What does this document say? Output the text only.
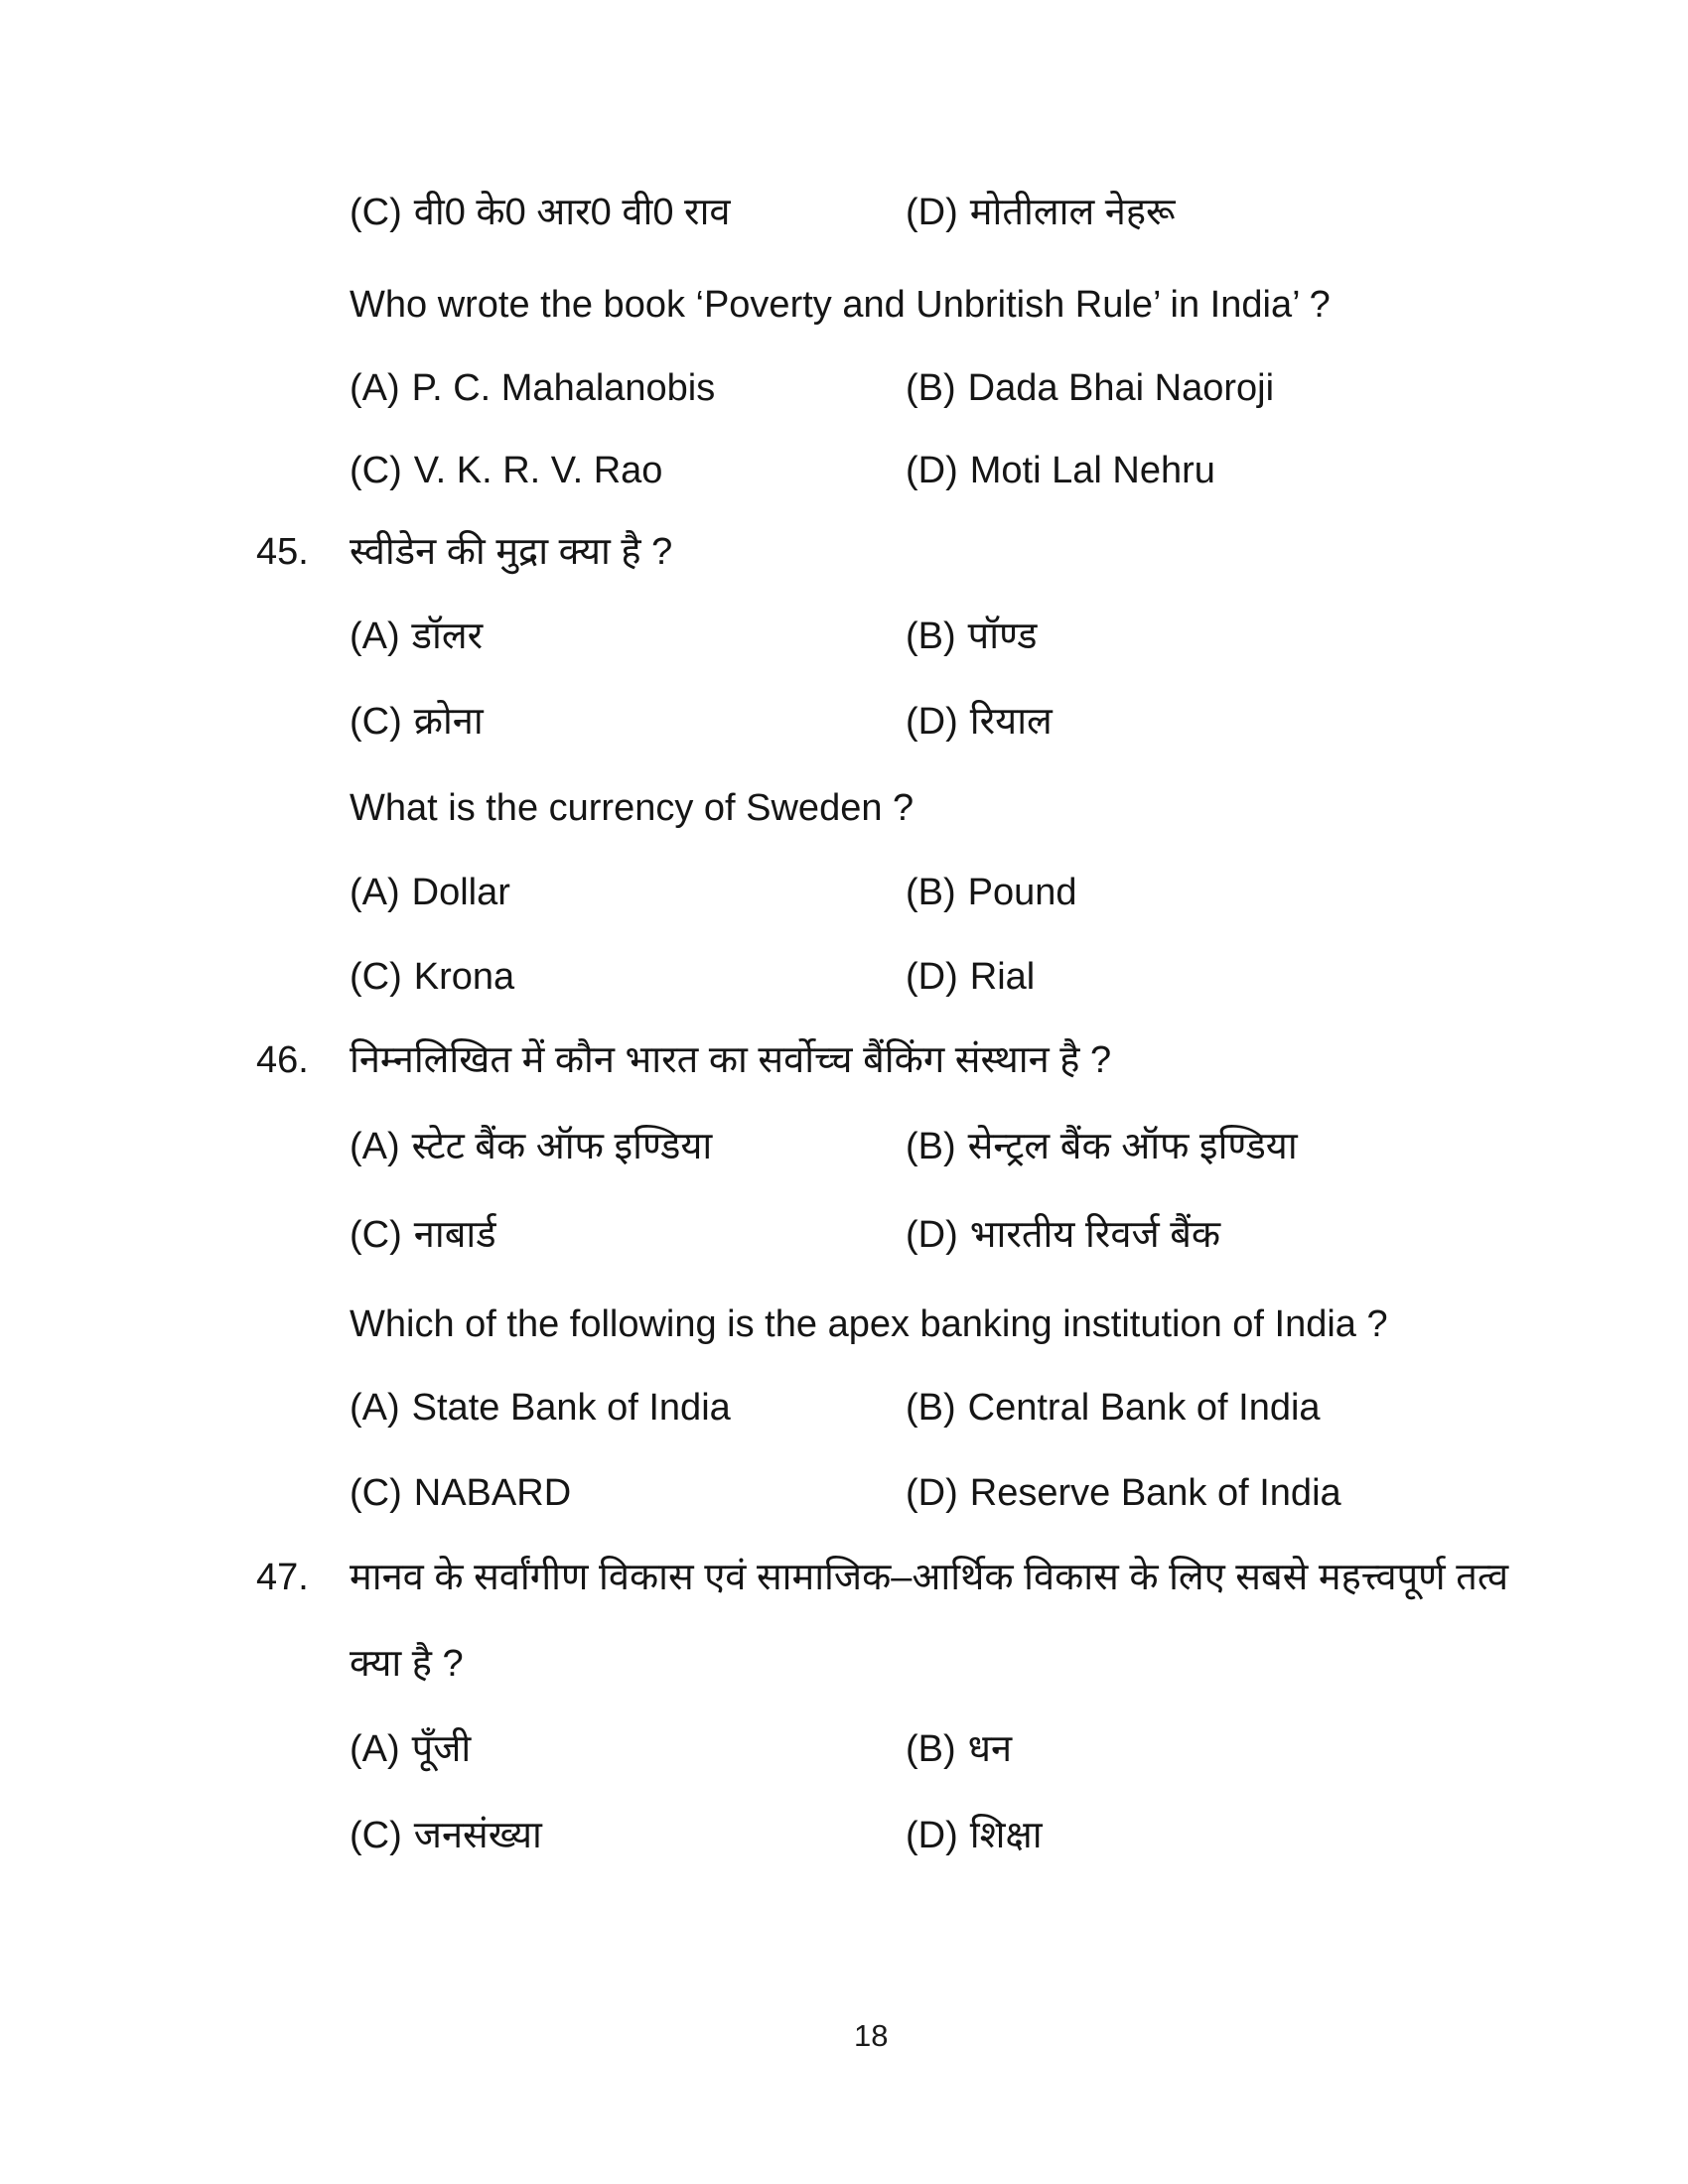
(C) वी0 के0 आर0 वी0 राव	(D) मोतीलाल नेहरू
Who wrote the book ‘Poverty and Unbritish Rule’ in India’ ?
(A) P. C. Mahalanobis	(B) Dada Bhai Naoroji
(C) V. K. R. V. Rao	(D) Moti Lal Nehru
45. स्वीडेन की मुद्रा क्या है ?
(A) डॉलर	(B) पॉण्ड
(C) क्रोना	(D) रियाल
What is the currency of Sweden ?
(A) Dollar	(B) Pound
(C) Krona	(D) Rial
46. निम्नलिखित में कौन भारत का सर्वोच्च बैंकिंग संस्थान है ?
(A) स्टेट बैंक ऑफ इण्डिया	(B) सेन्ट्रल बैंक ऑफ इण्डिया
(C) नाबार्ड	(D) भारतीय रिवर्ज बैंक
Which of the following is the apex banking institution of India ?
(A) State Bank of India	(B) Central Bank of India
(C) NABARD	(D) Reserve Bank of India
47. मानव के सर्वांगीण विकास एवं सामाजिक–आर्थिक विकास के लिए सबसे महत्त्वपूर्ण तत्व
क्या है ?
(A) पूँजी	(B) धन
(C) जनसंख्या	(D) शिक्षा
18
